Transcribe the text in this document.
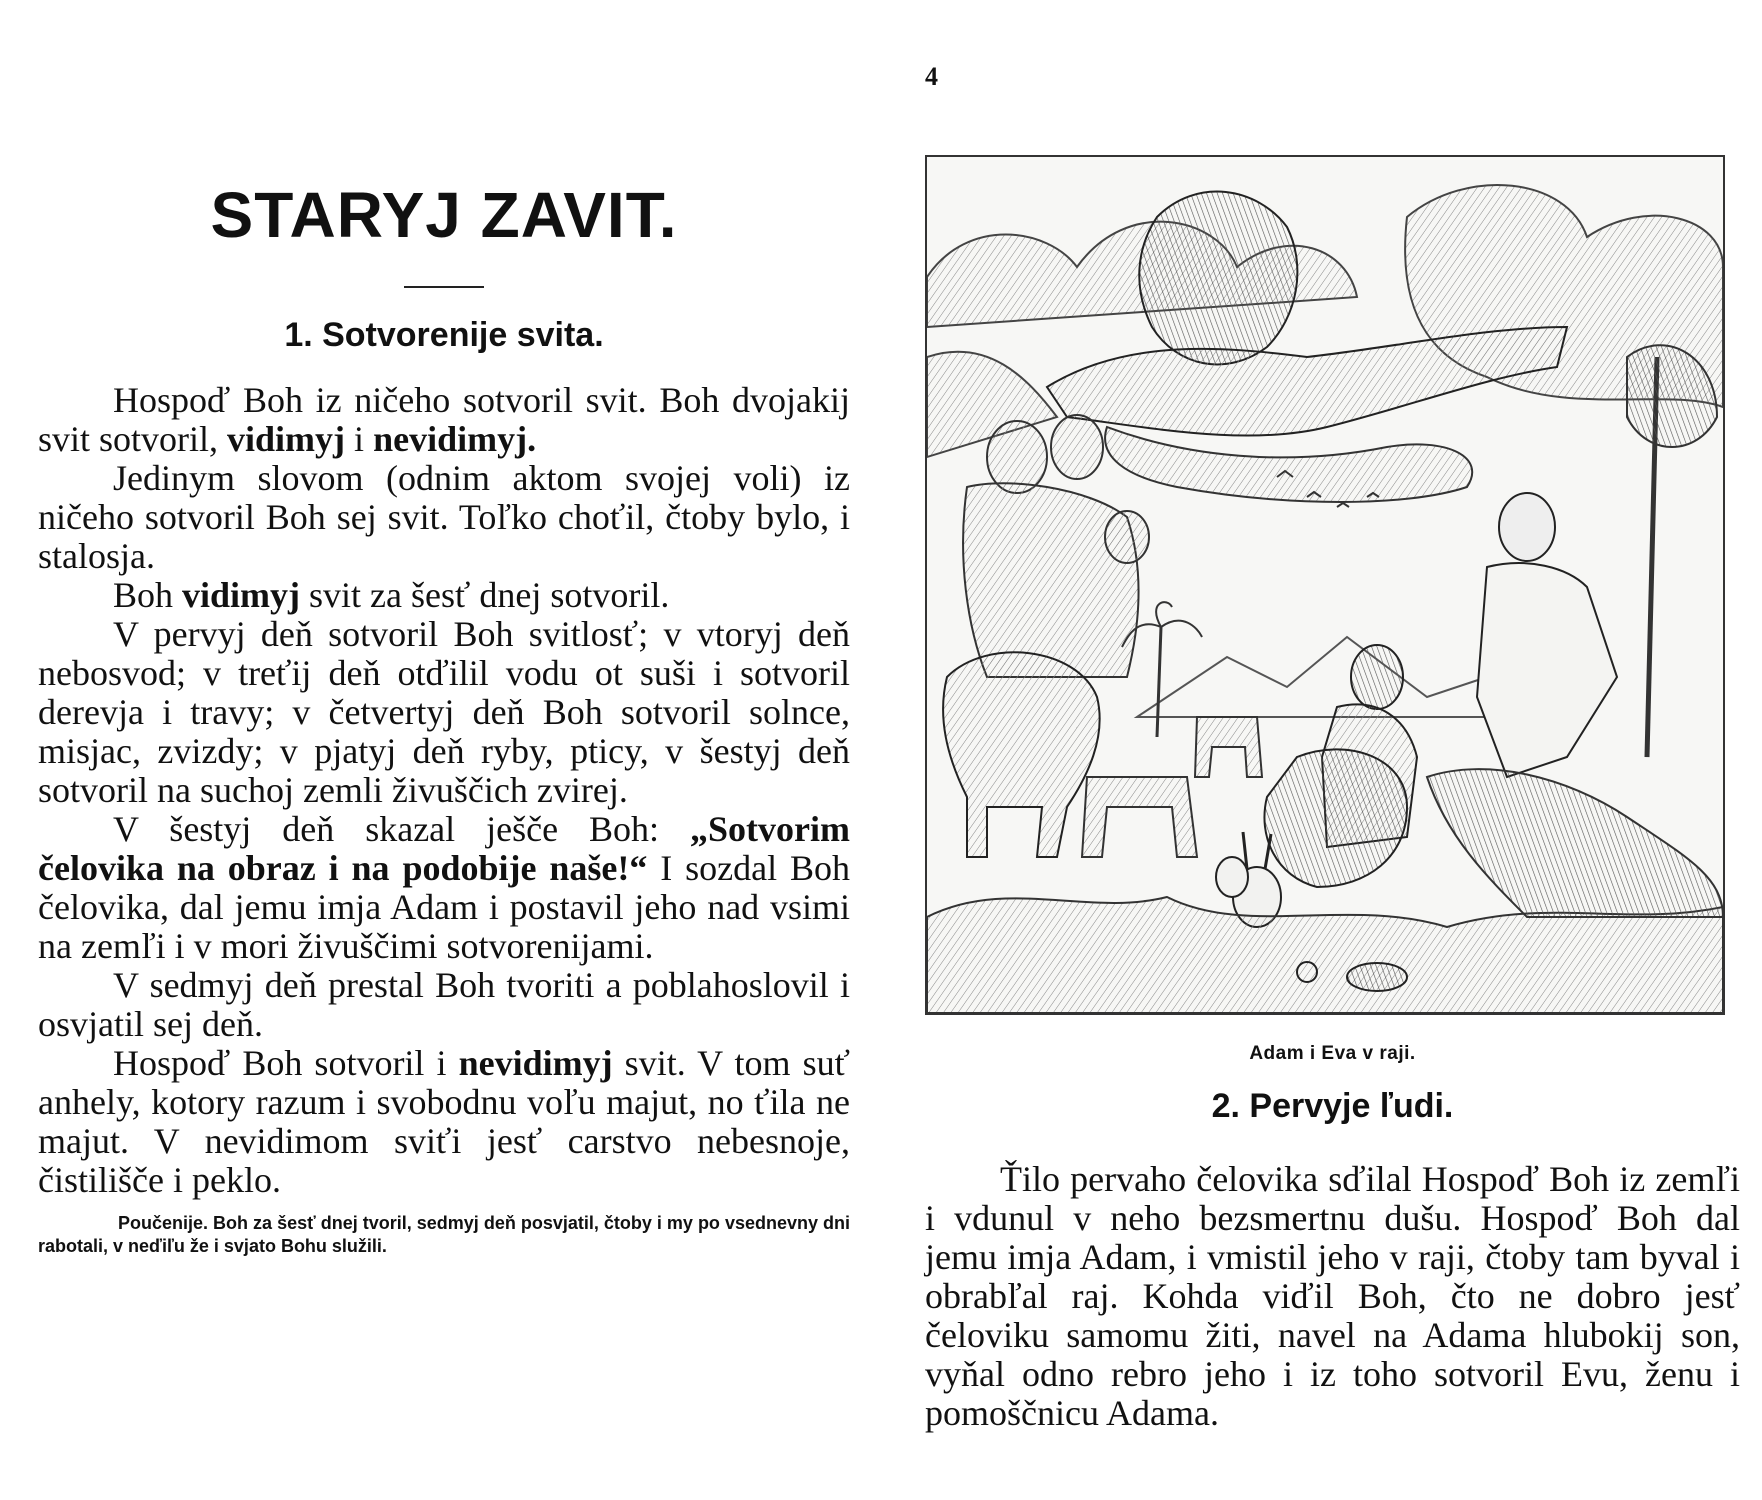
4
STARYJ ZAVIT.
1. Sotvorenije svita.

Hospoď Boh iz ničeho sotvoril svit. Boh dvojakij svit sotvoril, vidimyj i nevidimyj.

Jedinym slovom (odnim aktom svojej voli) iz ničeho sotvoril Boh sej svit. Toľko choťil, čtoby bylo, i stalosja.

Boh vidimyj svit za šesť dnej sotvoril.

V pervyj deň sotvoril Boh svitlosť; v vtoryj deň nebosvod; v treťij deň otďilil vodu ot suši i sotvoril derevja i travy; v četvertyj deň Boh sotvoril solnce, misjac, zvizdy; v pjatyj deň ryby, pticy, v šestyj deň sotvoril na suchoj zemli živuščich zvirej.

V šestyj deň skazal ješče Boh: „Sotvorim čelovika na obraz i na podobije naše!“ I sozdal Boh čelovika, dal jemu imja Adam i postavil jeho nad vsimi na zemľi i v mori živuščimi sotvorenijami.

V sedmyj deň prestal Boh tvoriti a poblahoslovil i osvjatil sej deň.

Hospoď Boh sotvoril i nevidimyj svit. V tom suť anhely, kotory razum i svobodnu voľu majut, no ťila ne majut. V nevidimom sviťi jesť carstvo nebesnoje, čistilišče i peklo.

Poučenije. Boh za šesť dnej tvoril, sedmyj deň posvjatil, čtoby i my po vsednevny dni rabotali, v neďiľu že i svjato Bohu služili.

Adam i Eva v raji.
2. Pervyje ľudi.

Ťilo pervaho čelovika sďilal Hospoď Boh iz zemľi i vdunul v neho bezsmertnu dušu. Hospoď Boh dal jemu imja Adam, i vmistil jeho v raji, čtoby tam byval i obrabľal raj. Kohda viďil Boh, čto ne dobro jesť čeloviku samomu žiti, navel na Adama hlubokij son, vyňal odno rebro jeho i iz toho sotvoril Evu, ženu i pomoščnicu Adama.
